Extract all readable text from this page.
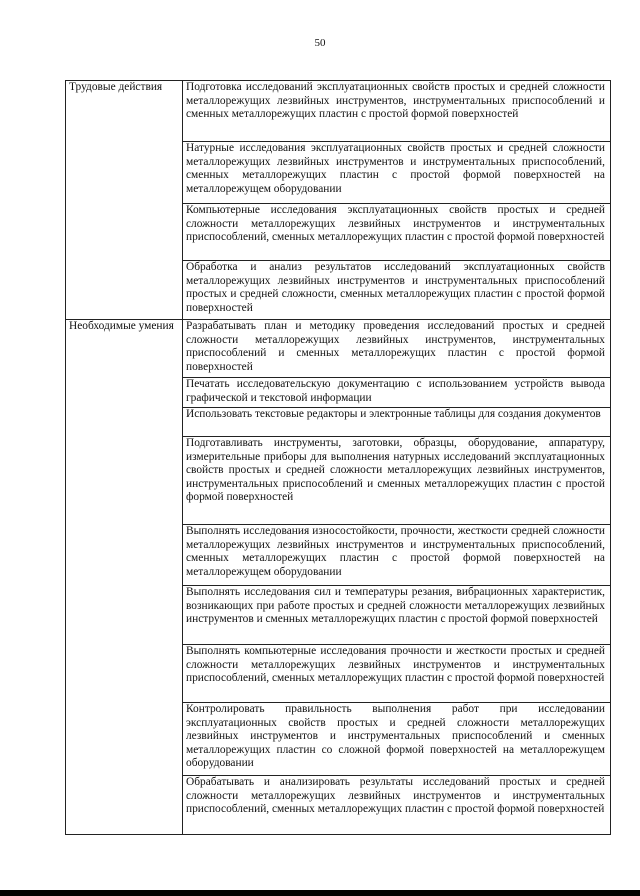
50
Трудовые действия	Подготовка исследований эксплуатационных свойств простых и средней сложности металлорежущих лезвийных инструментов, инструментальных приспособлений и сменных металлорежущих пластин с простой формой поверхностей
	Натурные исследования эксплуатационных свойств простых и средней сложности металлорежущих лезвийных инструментов и инструментальных приспособлений, сменных металлорежущих пластин с простой формой поверхностей на металлорежущем оборудовании
	Компьютерные исследования эксплуатационных свойств простых и средней сложности металлорежущих лезвийных инструментов и инструментальных приспособлений, сменных металлорежущих пластин с простой формой поверхностей
	Обработка и анализ результатов исследований эксплуатационных свойств металлорежущих лезвийных инструментов и инструментальных приспособлений простых и средней сложности, сменных металлорежущих пластин с простой формой поверхностей
Необходимые умения	Разрабатывать план и методику проведения исследований простых и средней сложности металлорежущих лезвийных инструментов, инструментальных приспособлений и сменных металлорежущих пластин с простой формой поверхностей
	Печатать исследовательскую документацию с использованием устройств вывода графической и текстовой информации
	Использовать текстовые редакторы и электронные таблицы для создания документов
	Подготавливать инструменты, заготовки, образцы, оборудование, аппаратуру, измерительные приборы для выполнения натурных исследований эксплуатационных свойств простых и средней сложности металлорежущих лезвийных инструментов, инструментальных приспособлений и сменных металлорежущих пластин с простой формой поверхностей
	Выполнять исследования износостойкости, прочности, жесткости средней сложности металлорежущих лезвийных инструментов и инструментальных приспособлений, сменных металлорежущих пластин с простой формой поверхностей на металлорежущем оборудовании
	Выполнять исследования сил и температуры резания, вибрационных характеристик, возникающих при работе простых и средней сложности металлорежущих лезвийных инструментов и сменных металлорежущих пластин с простой формой поверхностей
	Выполнять компьютерные исследования прочности и жесткости простых и средней сложности металлорежущих лезвийных инструментов и инструментальных приспособлений, сменных металлорежущих пластин с простой формой поверхностей
	Контролировать правильность выполнения работ при исследовании эксплуатационных свойств простых и средней сложности металлорежущих лезвийных инструментов и инструментальных приспособлений и сменных металлорежущих пластин со сложной формой поверхностей на металлорежущем оборудовании
	Обрабатывать и анализировать результаты исследований простых и средней сложности металлорежущих лезвийных инструментов и инструментальных приспособлений, сменных металлорежущих пластин с простой формой поверхностей
